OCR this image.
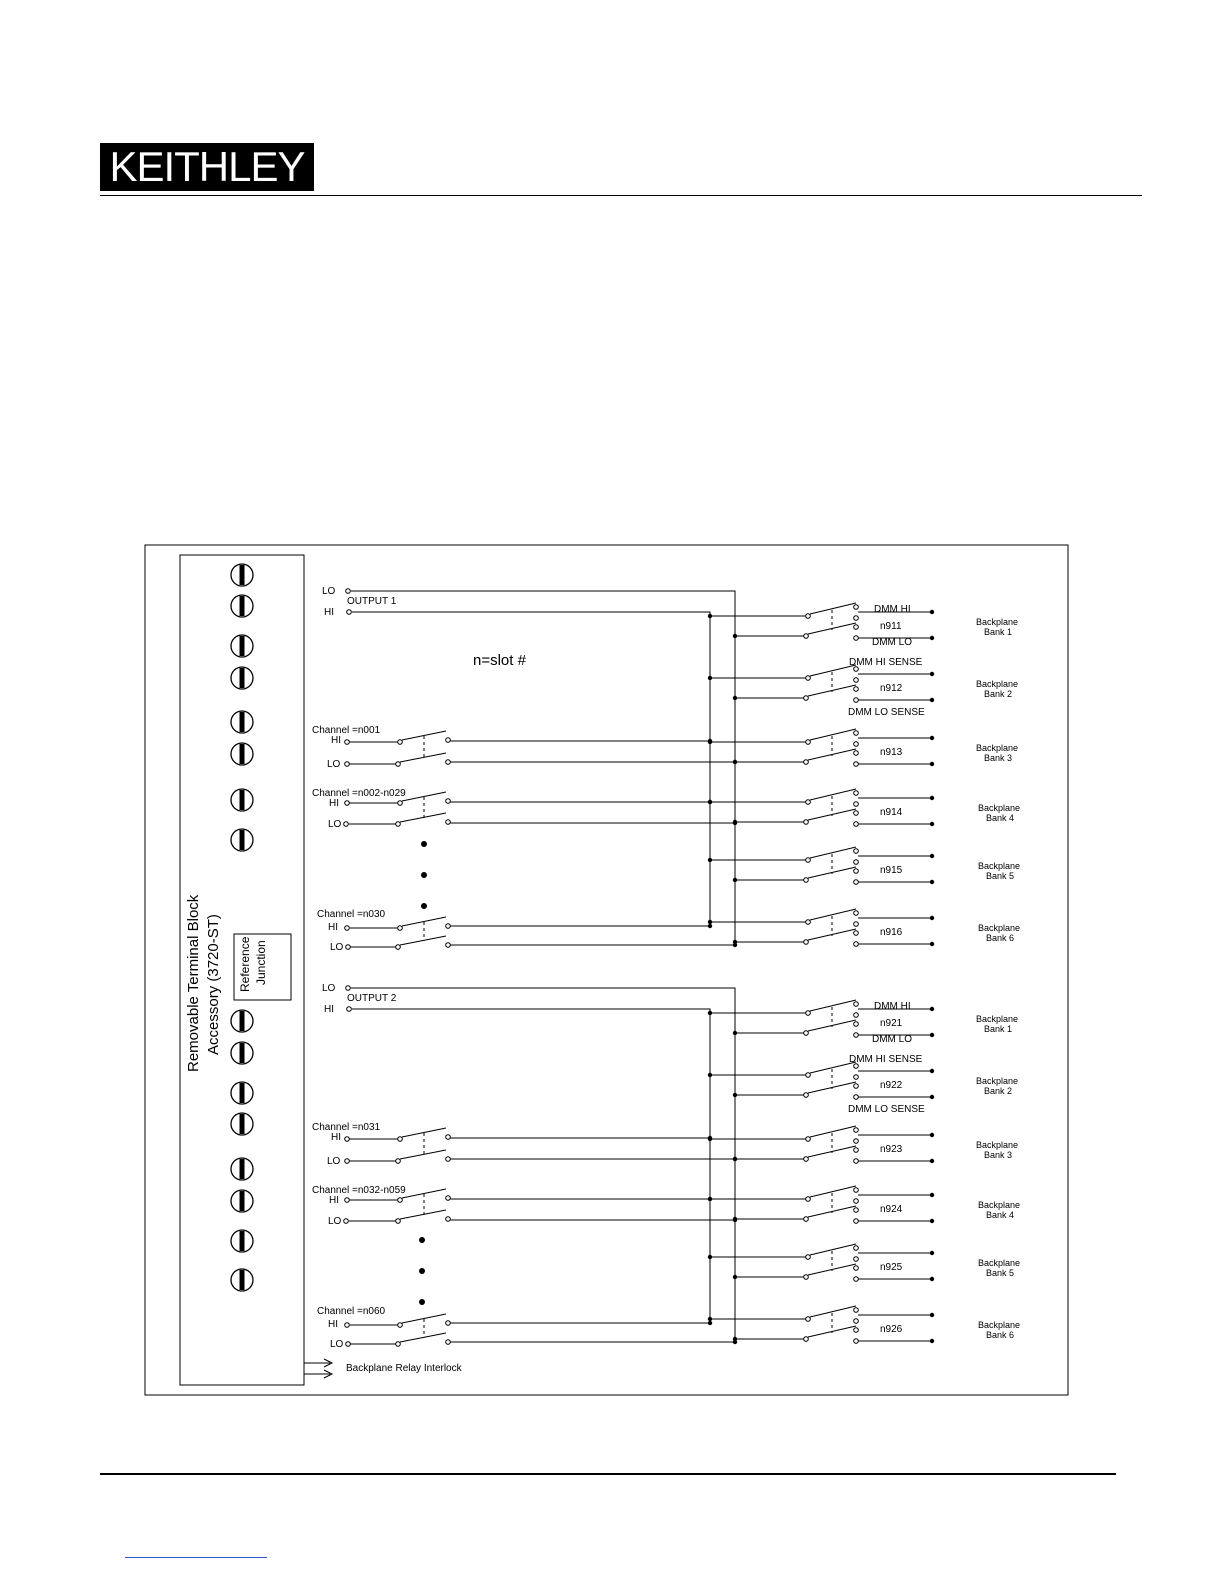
KEITHLEY
LO
HI
OUTPUT 1
Channel =n001
HI
LO
Channel =n002-n029
HI
LO
Channel =n030
HI
LO
n911	Backplane
Bank 1
n912	Backplane
Bank 2
n913	Backplane
Bank 3
n914	Backplane
Bank 4
n915	Backplane
Bank 5
n916	Backplane
Bank 6
DMM HI
DMM LO
DMM HI SENSE
DMM LO SENSE
LO
HI
OUTPUT 2
Channel =n031
HI
LO
Channel =n032-n059
HI
LO
Channel =n060
HI
LO
n921	Backplane
Bank 1
n922	Backplane
Bank 2
n923	Backplane
Bank 3
n924	Backplane
Bank 4
n925	Backplane
Bank 5
n926	Backplane
Bank 6
DMM HI
DMM LO
DMM HI SENSE
DMM LO SENSE
Removable Terminal Block Accessory (3720-ST) Reference Junction
n=slot #
Backplane Relay Interlock
